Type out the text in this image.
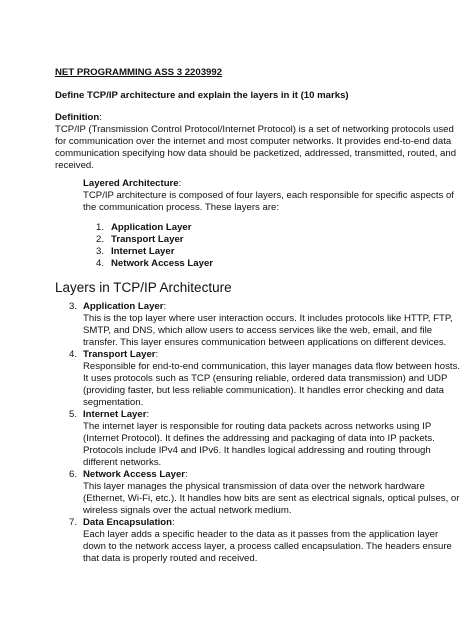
NET PROGRAMMING ASS 3 2203992
Define TCP/IP architecture and explain the layers in it (10 marks)
Definition:
TCP/IP (Transmission Control Protocol/Internet Protocol) is a set of networking protocols used
for communication over the internet and most computer networks. It provides end-to-end data
communication specifying how data should be packetized, addressed, transmitted, routed, and
received.
Layered Architecture:
TCP/IP architecture is composed of four layers, each responsible for specific aspects of
the communication process. These layers are:
1. Application Layer
2. Transport Layer
3. Internet Layer
4. Network Access Layer
Layers in TCP/IP Architecture
3. Application Layer:
This is the top layer where user interaction occurs. It includes protocols like HTTP, FTP,
SMTP, and DNS, which allow users to access services like the web, email, and file
transfer. This layer ensures communication between applications on different devices.
4. Transport Layer:
Responsible for end-to-end communication, this layer manages data flow between hosts.
It uses protocols such as TCP (ensuring reliable, ordered data transmission) and UDP
(providing faster, but less reliable communication). It handles error checking and data
segmentation.
5. Internet Layer:
The internet layer is responsible for routing data packets across networks using IP
(Internet Protocol). It defines the addressing and packaging of data into IP packets.
Protocols include IPv4 and IPv6. It handles logical addressing and routing through
different networks.
6. Network Access Layer:
This layer manages the physical transmission of data over the network hardware
(Ethernet, Wi-Fi, etc.). It handles how bits are sent as electrical signals, optical pulses, or
wireless signals over the actual network medium.
7. Data Encapsulation:
Each layer adds a specific header to the data as it passes from the application layer
down to the network access layer, a process called encapsulation. The headers ensure
that data is properly routed and received.
